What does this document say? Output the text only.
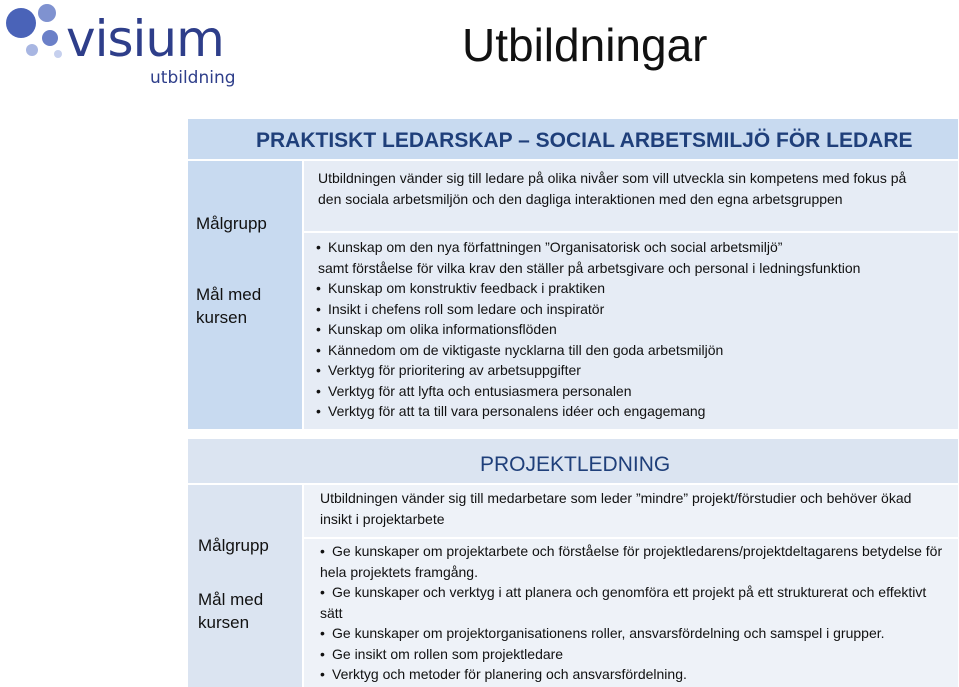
visium
utbildning
Utbildningar
PRAKTISKT LEDARSKAP – SOCIAL ARBETSMILJÖ FÖR LEDARE
Målgrupp
Mål med kursen
Utbildningen vänder sig till ledare på olika nivåer som vill utveckla sin kompetens med fokus på den sociala arbetsmiljön och den dagliga interaktionen med den egna arbetsgruppen
• Kunskap om den nya författningen ”Organisatorisk och social arbetsmiljö”
samt förståelse för vilka krav den ställer på arbetsgivare och personal i ledningsfunktion
• Kunskap om konstruktiv feedback i praktiken
• Insikt i chefens roll som ledare och inspiratör
• Kunskap om olika informationsflöden
• Kännedom om de viktigaste nycklarna till den goda arbetsmiljön
• Verktyg för prioritering av arbetsuppgifter
• Verktyg för att lyfta och entusiasmera personalen
• Verktyg för att ta till vara personalens idéer och engagemang
PROJEKTLEDNING
Målgrupp
Mål med kursen
Utbildningen vänder sig till medarbetare som leder ”mindre” projekt/förstudier och behöver ökad insikt i projektarbete
• Ge kunskaper om projektarbete och förståelse för projektledarens/projektdeltagarens betydelse för hela projektets framgång.
• Ge kunskaper och verktyg i att planera och genomföra ett projekt på ett strukturerat och effektivt sätt
• Ge kunskaper om projektorganisationens roller, ansvarsfördelning och samspel i grupper.
• Ge insikt om rollen som projektledare
• Verktyg och metoder för planering och ansvarsfördelning.
